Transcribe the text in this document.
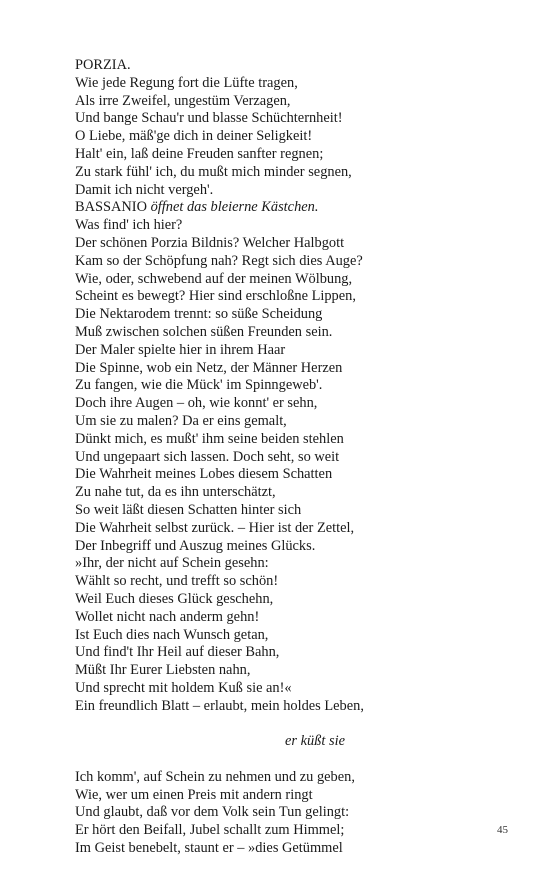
PORZIA.
Wie jede Regung fort die Lüfte tragen,
Als irre Zweifel, ungestüm Verzagen,
Und bange Schau'r und blasse Schüchternheit!
O Liebe, mäß'ge dich in deiner Seligkeit!
Halt' ein, laß deine Freuden sanfter regnen;
Zu stark fühl' ich, du mußt mich minder segnen,
Damit ich nicht vergeh'.
BASSANIO öffnet das bleierne Kästchen.
Was find' ich hier?
Der schönen Porzia Bildnis? Welcher Halbgott
Kam so der Schöpfung nah? Regt sich dies Auge?
Wie, oder, schwebend auf der meinen Wölbung,
Scheint es bewegt? Hier sind erschloßne Lippen,
Die Nektarodem trennt: so süße Scheidung
Muß zwischen solchen süßen Freunden sein.
Der Maler spielte hier in ihrem Haar
Die Spinne, wob ein Netz, der Männer Herzen
Zu fangen, wie die Mück' im Spinngeweb'.
Doch ihre Augen – oh, wie konnt' er sehn,
Um sie zu malen? Da er eins gemalt,
Dünkt mich, es mußt' ihm seine beiden stehlen
Und ungepaart sich lassen. Doch seht, so weit
Die Wahrheit meines Lobes diesem Schatten
Zu nahe tut, da es ihn unterschätzt,
So weit läßt diesen Schatten hinter sich
Die Wahrheit selbst zurück. – Hier ist der Zettel,
Der Inbegriff und Auszug meines Glücks.
»Ihr, der nicht auf Schein gesehn:
Wählt so recht, und trefft so schön!
Weil Euch dieses Glück geschehn,
Wollet nicht nach anderm gehn!
Ist Euch dies nach Wunsch getan,
Und find't Ihr Heil auf dieser Bahn,
Müßt Ihr Eurer Liebsten nahn,
Und sprecht mit holdem Kuß sie an!«
Ein freundlich Blatt – erlaubt, mein holdes Leben,
er küßt sie
Ich komm', auf Schein zu nehmen und zu geben,
Wie, wer um einen Preis mit andern ringt
Und glaubt, daß vor dem Volk sein Tun gelingt:
Er hört den Beifall, Jubel schallt zum Himmel;
Im Geist benebelt, staunt er – »dies Getümmel
45
